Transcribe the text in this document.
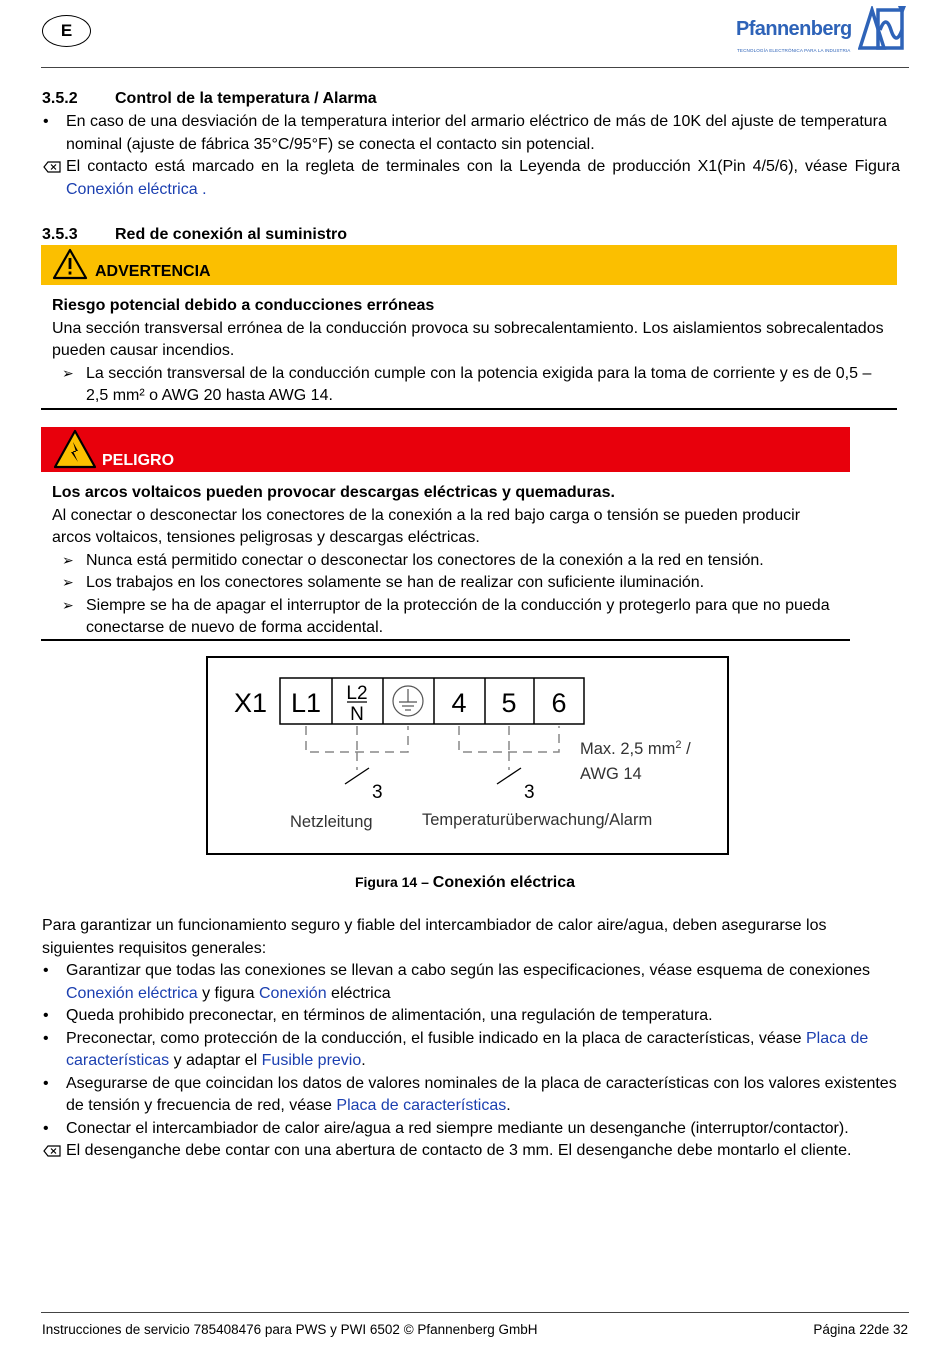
E	Pfannenberg
TECNOLOGÍA ELECTRÓNICA PARA LA INDUSTRIA
3.5.2 Control de la temperatura / Alarma
• En caso de una desviación de la temperatura interior del armario eléctrico de más de 10K del ajuste de temperatura nominal (ajuste de fábrica 35°C/95°F) se conecta el contacto sin potencial.
El contacto está marcado en la regleta de terminales con la Leyenda de producción X1(Pin 4/5/6), véase Figura Conexión eléctrica .
3.5.3 Red de conexión al suministro
ADVERTENCIA
Riesgo potencial debido a conducciones erróneas
Una sección transversal errónea de la conducción provoca su sobrecalentamiento. Los aislamientos sobrecalentados pueden causar incendios.
➢ La sección transversal de la conducción cumple con la potencia exigida para la toma de corriente y es de 0,5 – 2,5 mm² o AWG 20 hasta AWG 14.
PELIGRO
Los arcos voltaicos pueden provocar descargas eléctricas y quemaduras.
Al conectar o desconectar los conectores de la conexión a la red bajo carga o tensión se pueden producir arcos voltaicos, tensiones peligrosas y descargas eléctricas.
➢ Nunca está permitido conectar o desconectar los conectores de la conexión a la red en tensión.
➢ Los trabajos en los conectores solamente se han de realizar con suficiente iluminación.
➢ Siempre se ha de apagar el interruptor de la protección de la conducción y protegerlo para que no pueda conectarse de nuevo de forma accidental.
X1 L1 L2
N	4 5 6
3	3
Max. 2,5 $mm^2$ /
AWG 14
Netzleitung	Temperaturüberwachung/Alarm
Figura 14 – Conexión eléctrica
Para garantizar un funcionamiento seguro y fiable del intercambiador de calor aire/agua, deben asegurarse los siguientes requisitos generales:
• Garantizar que todas las conexiones se llevan a cabo según las especificaciones, véase esquema de conexiones Conexión eléctrica y figura Conexión eléctrica
• Queda prohibido preconectar, en términos de alimentación, una regulación de temperatura.
• Preconectar, como protección de la conducción, el fusible indicado en la placa de características, véase Placa de características y adaptar el Fusible previo.
• Asegurarse de que coincidan los datos de valores nominales de la placa de características con los valores existentes de tensión y frecuencia de red, véase Placa de características.
• Conectar el intercambiador de calor aire/agua a red siempre mediante un desenganche (interruptor/contactor).
El desenganche debe contar con una abertura de contacto de 3 mm. El desenganche debe montarlo el cliente.
Instrucciones de servicio 785408476 para PWS y PWI 6502 © Pfannenberg GmbH	Página 22de 32
